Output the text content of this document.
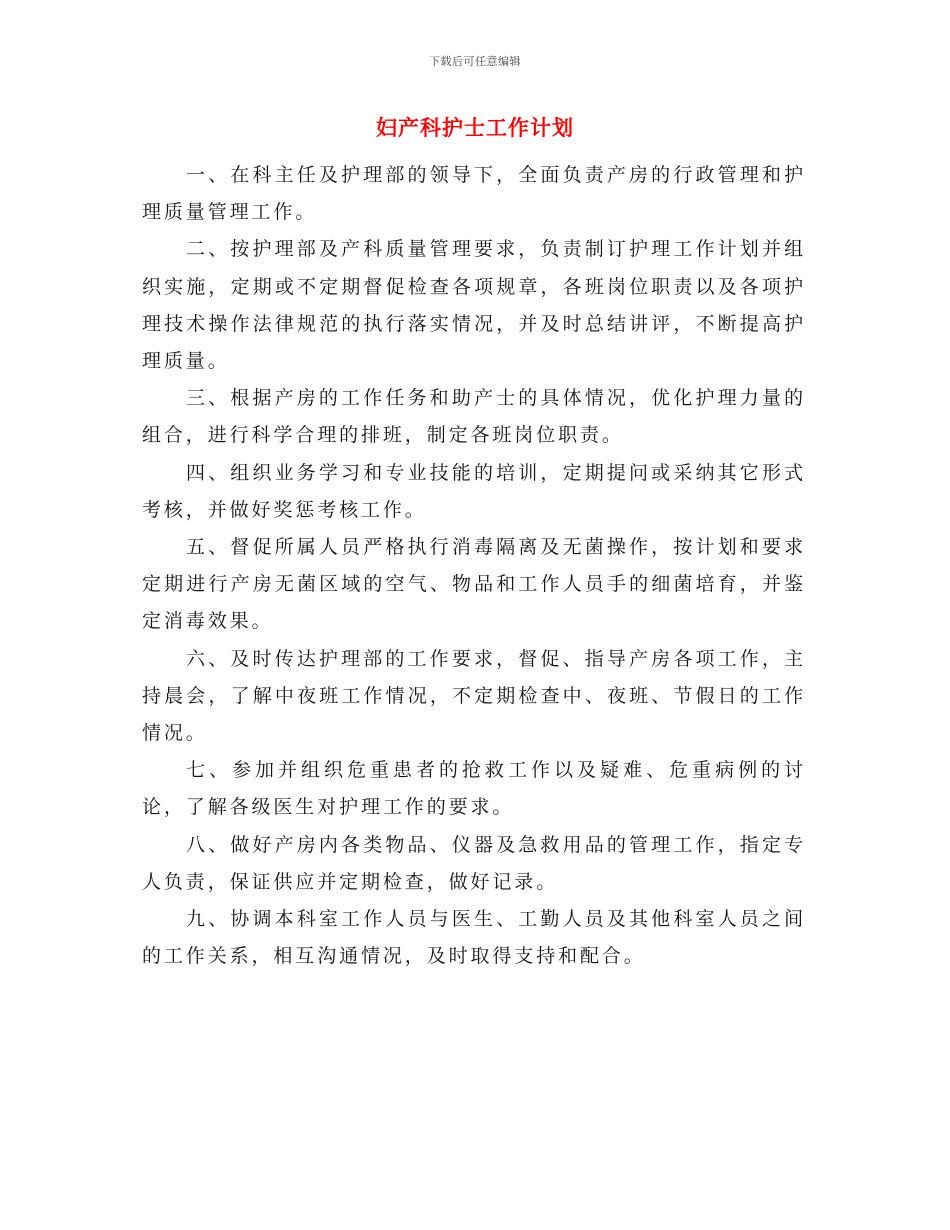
下载后可任意编辑
妇产科护士工作计划

一、在科主任及护理部的领导下，全面负责产房的行政管理和护理质量管理工作。

二、按护理部及产科质量管理要求，负责制订护理工作计划并组织实施，定期或不定期督促检查各项规章，各班岗位职责以及各项护理技术操作法律规范的执行落实情况，并及时总结讲评，不断提高护理质量。

三、根据产房的工作任务和助产士的具体情况，优化护理力量的组合，进行科学合理的排班，制定各班岗位职责。

四、组织业务学习和专业技能的培训，定期提问或采纳其它形式考核，并做好奖惩考核工作。

五、督促所属人员严格执行消毒隔离及无菌操作，按计划和要求定期进行产房无菌区域的空气、物品和工作人员手的细菌培育，并鉴定消毒效果。

六、及时传达护理部的工作要求，督促、指导产房各项工作，主持晨会，了解中夜班工作情况，不定期检查中、夜班、节假日的工作情况。

七、参加并组织危重患者的抢救工作以及疑难、危重病例的讨论，了解各级医生对护理工作的要求。

八、做好产房内各类物品、仪器及急救用品的管理工作，指定专人负责，保证供应并定期检查，做好记录。

九、协调本科室工作人员与医生、工勤人员及其他科室人员之间的工作关系，相互沟通情况，及时取得支持和配合。
